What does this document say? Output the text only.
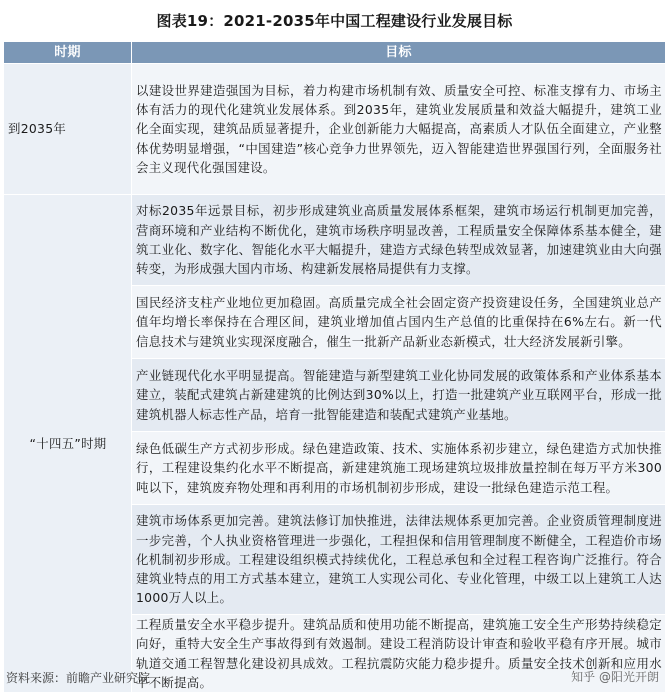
图表19：2021-2035年中国工程建设行业发展目标
时期	目标
到2035年	以建设世界建造强国为目标，着力构建市场机制有效、质量安全可控、标准支撑有力、市场主体有活力的现代化建筑业发展体系。到2035年，建筑业发展质量和效益大幅提升，建筑工业化全面实现，建筑品质显著提升，企业创新能力大幅提高，高素质人才队伍全面建立，产业整体优势明显增强，“中国建造”核心竞争力世界领先，迈入智能建造世界强国行列，全面服务社会主义现代化强国建设。
“十四五”时期	对标2035年远景目标，初步形成建筑业高质量发展体系框架，建筑市场运行机制更加完善，营商环境和产业结构不断优化，建筑市场秩序明显改善，工程质量安全保障体系基本健全，建筑工业化、数字化、智能化水平大幅提升，建造方式绿色转型成效显著，加速建筑业由大向强转变，为形成强大国内市场、构建新发展格局提供有力支撑。
	国民经济支柱产业地位更加稳固。高质量完成全社会固定资产投资建设任务，全国建筑业总产值年均增长率保持在合理区间，建筑业增加值占国内生产总值的比重保持在6%左右。新一代信息技术与建筑业实现深度融合，催生一批新产品新业态新模式，壮大经济发展新引擎。
	产业链现代化水平明显提高。智能建造与新型建筑工业化协同发展的政策体系和产业体系基本建立，装配式建筑占新建建筑的比例达到30%以上，打造一批建筑产业互联网平台，形成一批建筑机器人标志性产品，培育一批智能建造和装配式建筑产业基地。
	绿色低碳生产方式初步形成。绿色建造政策、技术、实施体系初步建立，绿色建造方式加快推行，工程建设集约化水平不断提高，新建建筑施工现场建筑垃圾排放量控制在每万平方米300吨以下，建筑废弃物处理和再利用的市场机制初步形成，建设一批绿色建造示范工程。
	建筑市场体系更加完善。建筑法修订加快推进，法律法规体系更加完善。企业资质管理制度进一步完善，个人执业资格管理进一步强化，工程担保和信用管理制度不断健全，工程造价市场化机制初步形成。工程建设组织模式持续优化，工程总承包和全过程工程咨询广泛推行。符合建筑业特点的用工方式基本建立，建筑工人实现公司化、专业化管理，中级工以上建筑工人达1000万人以上。
	工程质量安全水平稳步提升。建筑品质和使用功能不断提高，建筑施工安全生产形势持续稳定向好，重特大安全生产事故得到有效遏制。建设工程消防设计审查和验收平稳有序开展。城市轨道交通工程智慧化建设初具成效。工程抗震防灾能力稳步提升。质量安全技术创新和应用水平不断提高。
资料来源：前瞻产业研究院	知乎 @阳光开朗
